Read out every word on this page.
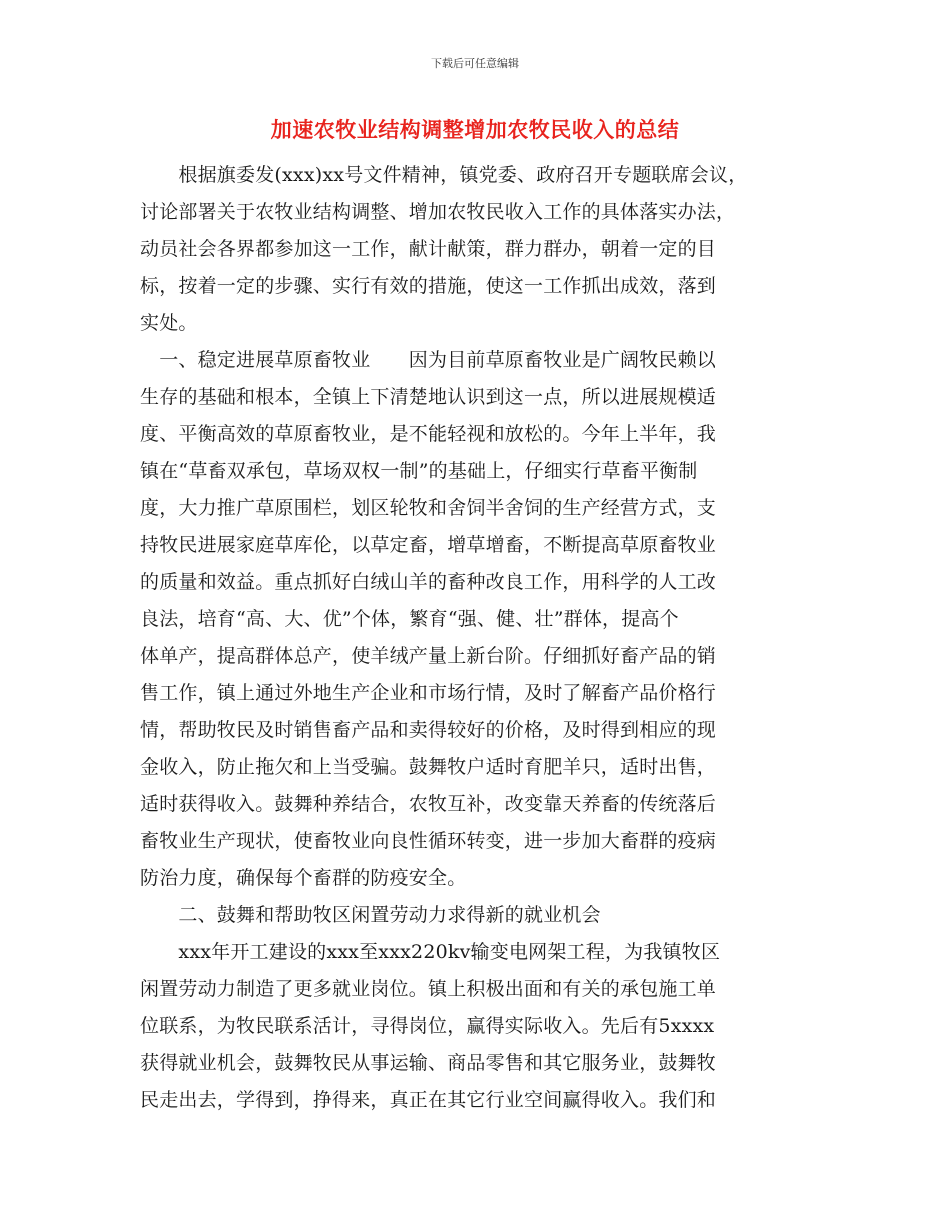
下载后可任意编辑
加速农牧业结构调整增加农牧民收入的总结
　　根据旗委发(xxx)xx号文件精神，镇党委、政府召开专题联席会议，
讨论部署关于农牧业结构调整、增加农牧民收入工作的具体落实办法，
动员社会各界都参加这一工作，献计献策，群力群办，朝着一定的目
标，按着一定的步骤、实行有效的措施，使这一工作抓出成效，落到
实处。
　一、稳定进展草原畜牧业　　因为目前草原畜牧业是广阔牧民赖以
生存的基础和根本，全镇上下清楚地认识到这一点，所以进展规模适
度、平衡高效的草原畜牧业，是不能轻视和放松的。今年上半年，我
镇在“草畜双承包，草场双权一制”的基础上，仔细实行草畜平衡制
度，大力推广草原围栏，划区轮牧和舍饲半舍饲的生产经营方式，支
持牧民进展家庭草库伦，以草定畜，增草增畜，不断提高草原畜牧业
的质量和效益。重点抓好白绒山羊的畜种改良工作，用科学的人工改
良法，培育“高、大、优”个体，繁育“强、健、壮”群体，提高个
体单产，提高群体总产，使羊绒产量上新台阶。仔细抓好畜产品的销
售工作，镇上通过外地生产企业和市场行情，及时了解畜产品价格行
情，帮助牧民及时销售畜产品和卖得较好的价格，及时得到相应的现
金收入，防止拖欠和上当受骗。鼓舞牧户适时育肥羊只，适时出售，
适时获得收入。鼓舞种养结合，农牧互补，改变靠天养畜的传统落后
畜牧业生产现状，使畜牧业向良性循环转变，进一步加大畜群的疫病
防治力度，确保每个畜群的防疫安全。
　　二、鼓舞和帮助牧区闲置劳动力求得新的就业机会
　　xxx年开工建设的xxx至xxx220kv输变电网架工程，为我镇牧区
闲置劳动力制造了更多就业岗位。镇上积极出面和有关的承包施工单
位联系，为牧民联系活计，寻得岗位，赢得实际收入。先后有5xxxx
获得就业机会，鼓舞牧民从事运输、商品零售和其它服务业，鼓舞牧
民走出去，学得到，挣得来，真正在其它行业空间赢得收入。我们和
